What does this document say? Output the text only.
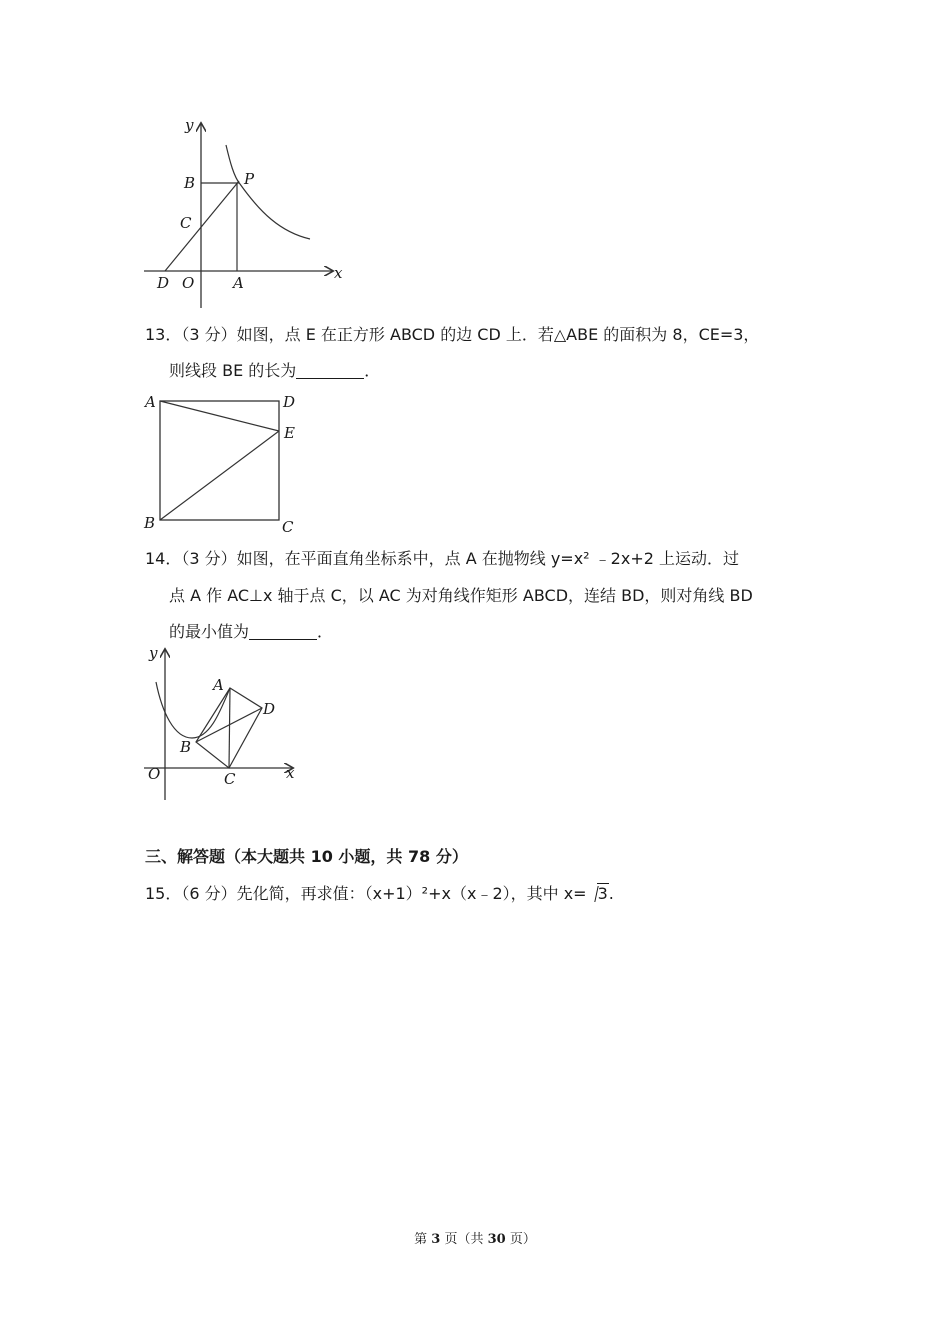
y
x
B	P
C
D O	A
13．（3 分）如图，点 E 在正方形 ABCD 的边 CD 上．若△ABE 的面积为 8，CE=3，
则线段 BE 的长为	．
A	D
E
B	C
14．（3 分）如图，在平面直角坐标系中，点 A 在抛物线 y=x² ﹣2x+2 上运动．过
点 A 作 AC⊥x 轴于点 C，以 AC 为对角线作矩形 ABCD，连结 BD，则对角线 BD
的最小值为	．
y
x
A
D
B
O	C
三、解答题（本大题共 10 小题，共 78 分）
15．（6 分）先化简，再求值：（x+1）²+x（x﹣2），其中 x= 3.
第 3 页（共 30 页）
